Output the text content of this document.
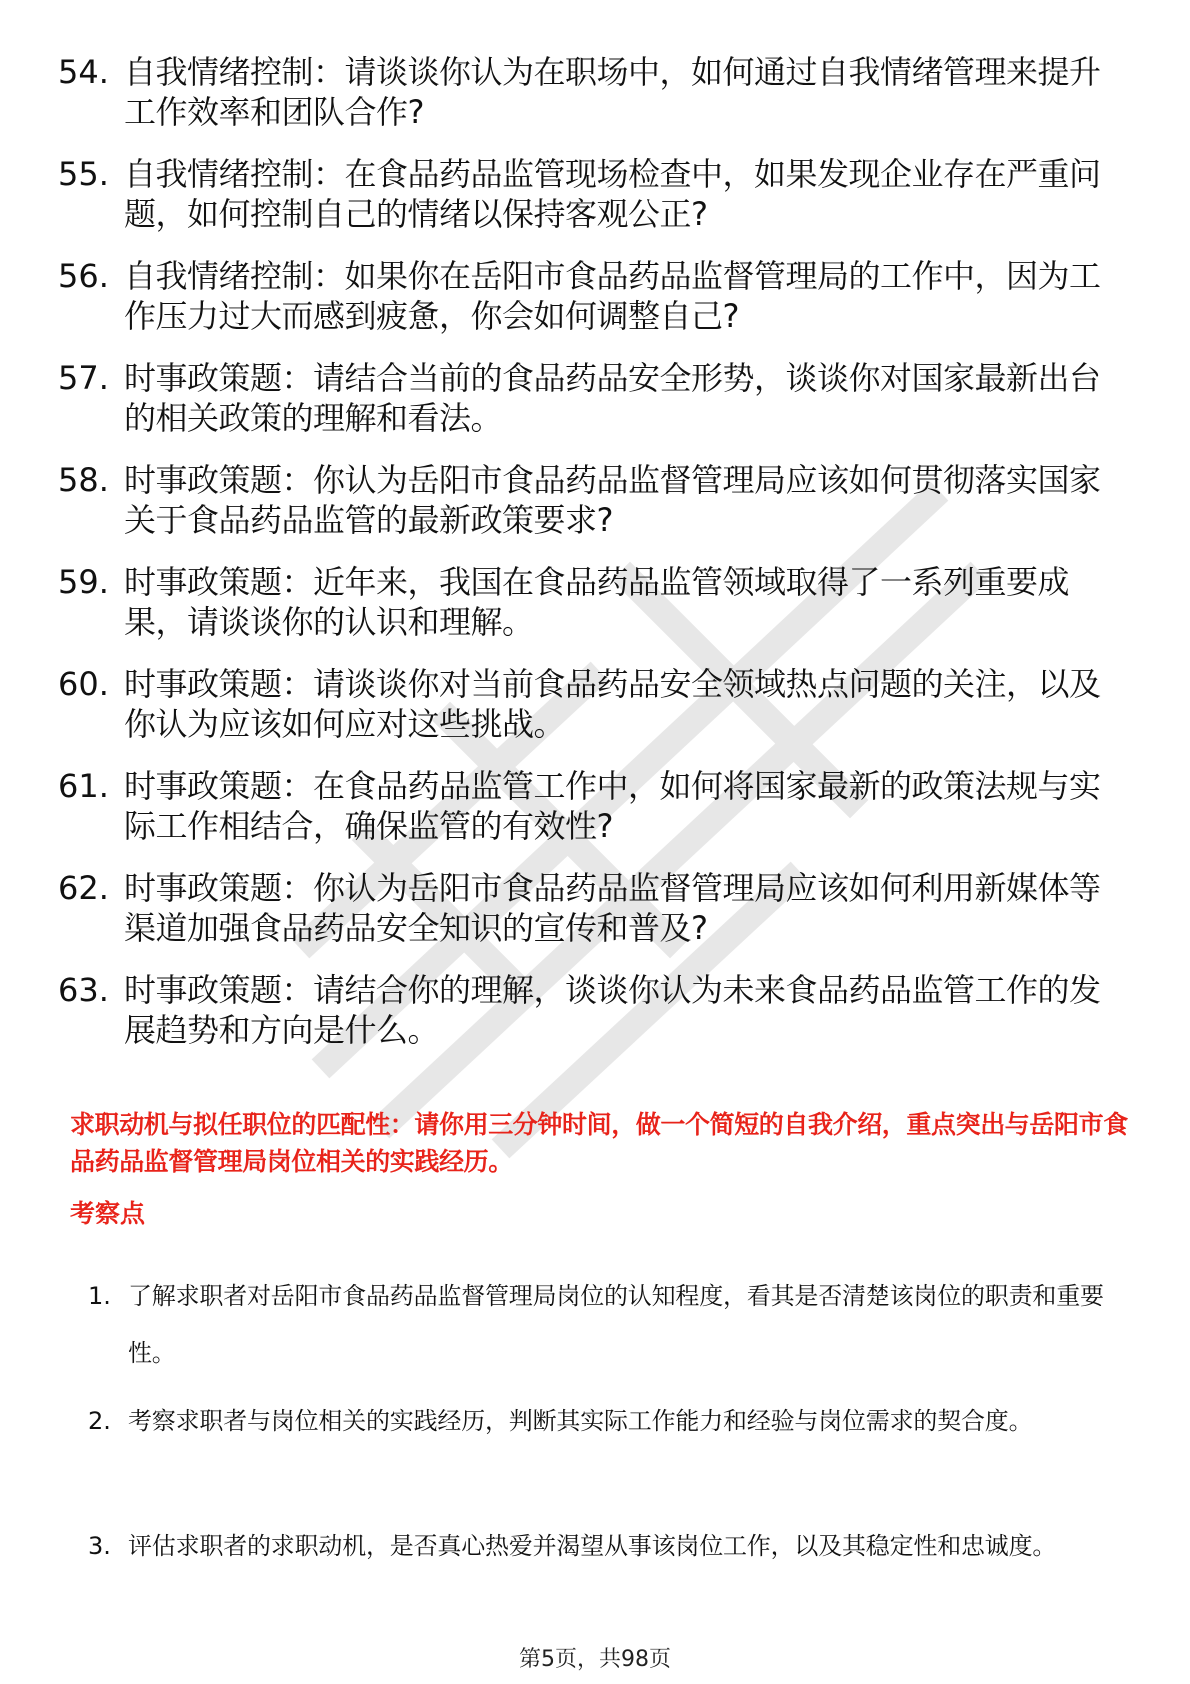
54. 自我情绪控制：请谈谈你认为在职场中，如何通过自我情绪管理来提升工作效率和团队合作?
55. 自我情绪控制：在食品药品监管现场检查中，如果发现企业存在严重问题，如何控制自己的情绪以保持客观公正?
56. 自我情绪控制：如果你在岳阳市食品药品监督管理局的工作中，因为工作压力过大而感到疲惫，你会如何调整自己?
57. 时事政策题：请结合当前的食品药品安全形势，谈谈你对国家最新出台的相关政策的理解和看法。
58. 时事政策题：你认为岳阳市食品药品监督管理局应该如何贯彻落实国家关于食品药品监管的最新政策要求?
59. 时事政策题：近年来，我国在食品药品监管领域取得了一系列重要成果，请谈谈你的认识和理解。
60. 时事政策题：请谈谈你对当前食品药品安全领域热点问题的关注，以及你认为应该如何应对这些挑战。
61. 时事政策题：在食品药品监管工作中，如何将国家最新的政策法规与实际工作相结合，确保监管的有效性?
62. 时事政策题：你认为岳阳市食品药品监督管理局应该如何利用新媒体等渠道加强食品药品安全知识的宣传和普及?
63. 时事政策题：请结合你的理解，谈谈你认为未来食品药品监管工作的发展趋势和方向是什么。
求职动机与拟任职位的匹配性：请你用三分钟时间，做一个简短的自我介绍，重点突出与岳阳市食品药品监督管理局岗位相关的实践经历。
考察点
1. 了解求职者对岳阳市食品药品监督管理局岗位的认知程度，看其是否清楚该岗位的职责和重要性。
2. 考察求职者与岗位相关的实践经历，判断其实际工作能力和经验与岗位需求的契合度。
3. 评估求职者的求职动机，是否真心热爱并渴望从事该岗位工作，以及其稳定性和忠诚度。
第5页，共98页
